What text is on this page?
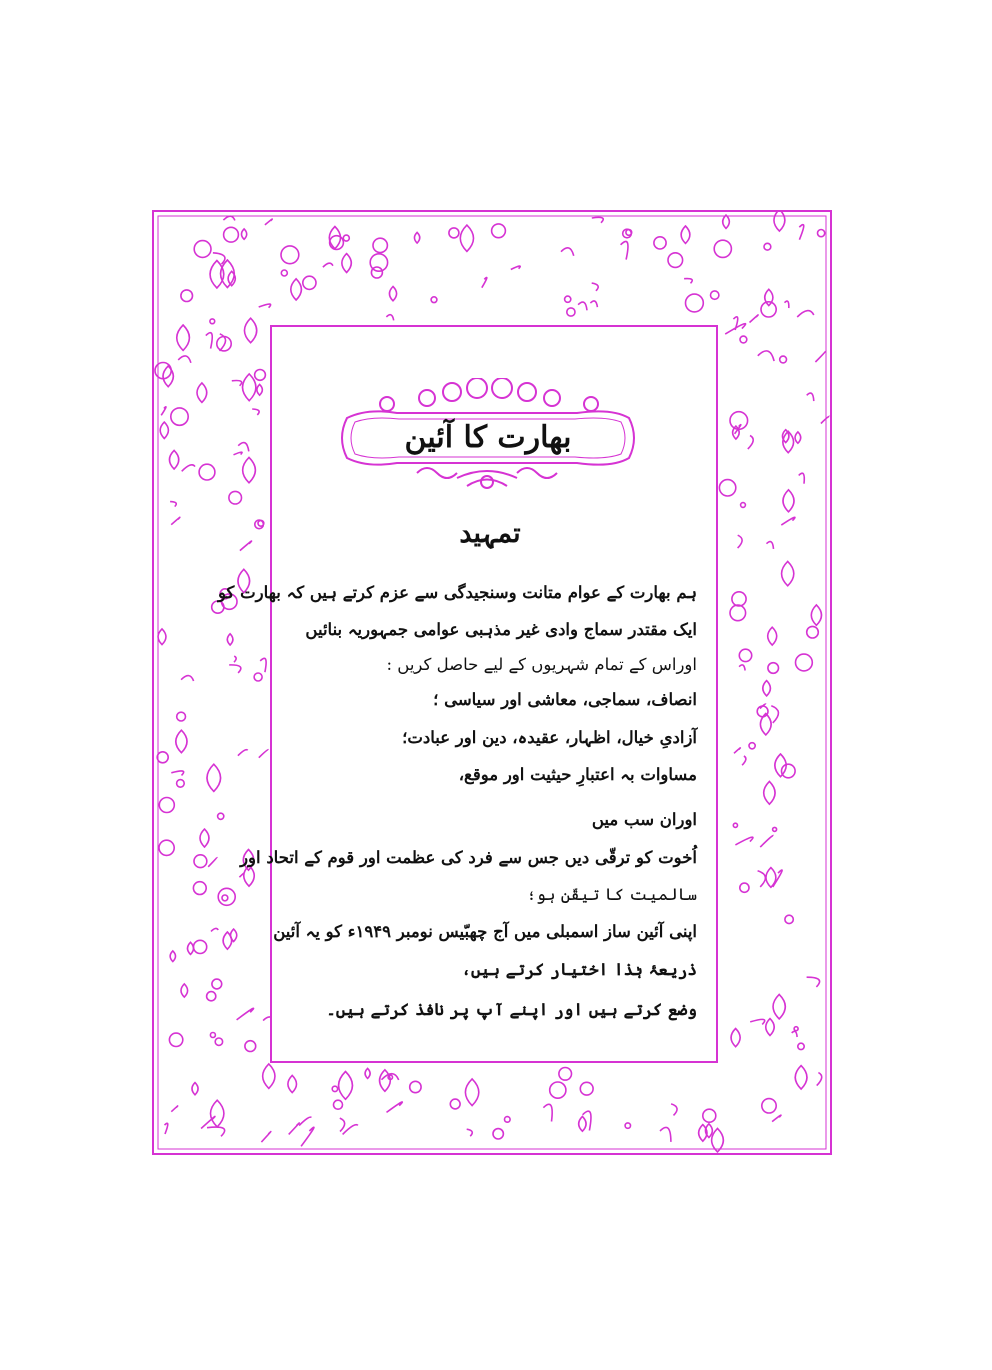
بھارت کا آئین
تمہید
ہم بھارت کے عوام متانت وسنجیدگی سے عزم کرتے ہیں کہ بھارت کو
ایک مقتدر سماج وادی غیر مذہبی عوامی جمہوریہ بنائیں
اوراس کے تمام شہریوں کے لیے حاصل کریں :
انصاف، سماجی، معاشی اور سیاسی ؛
آزادیِ خیال، اظہار، عقیدہ، دین اور عبادت؛
مساوات بہ اعتبارِ حیثیت اور موقع،
اوران سب میں
اُخوت کو ترقّی دیں جس سے فرد کی عظمت اور قوم کے اتحاد اور
سالمیت کا تیقّن ہو؛
اپنی آئین ساز اسمبلی میں آج چھبّیس نومبر ۱۹۴۹ء کو یہ آئین
ذریعۂ ہٰذا اختیار کرتے ہیں،
وضع کرتے ہیں اور اپنے آپ پر نافذ کرتے ہیں۔
